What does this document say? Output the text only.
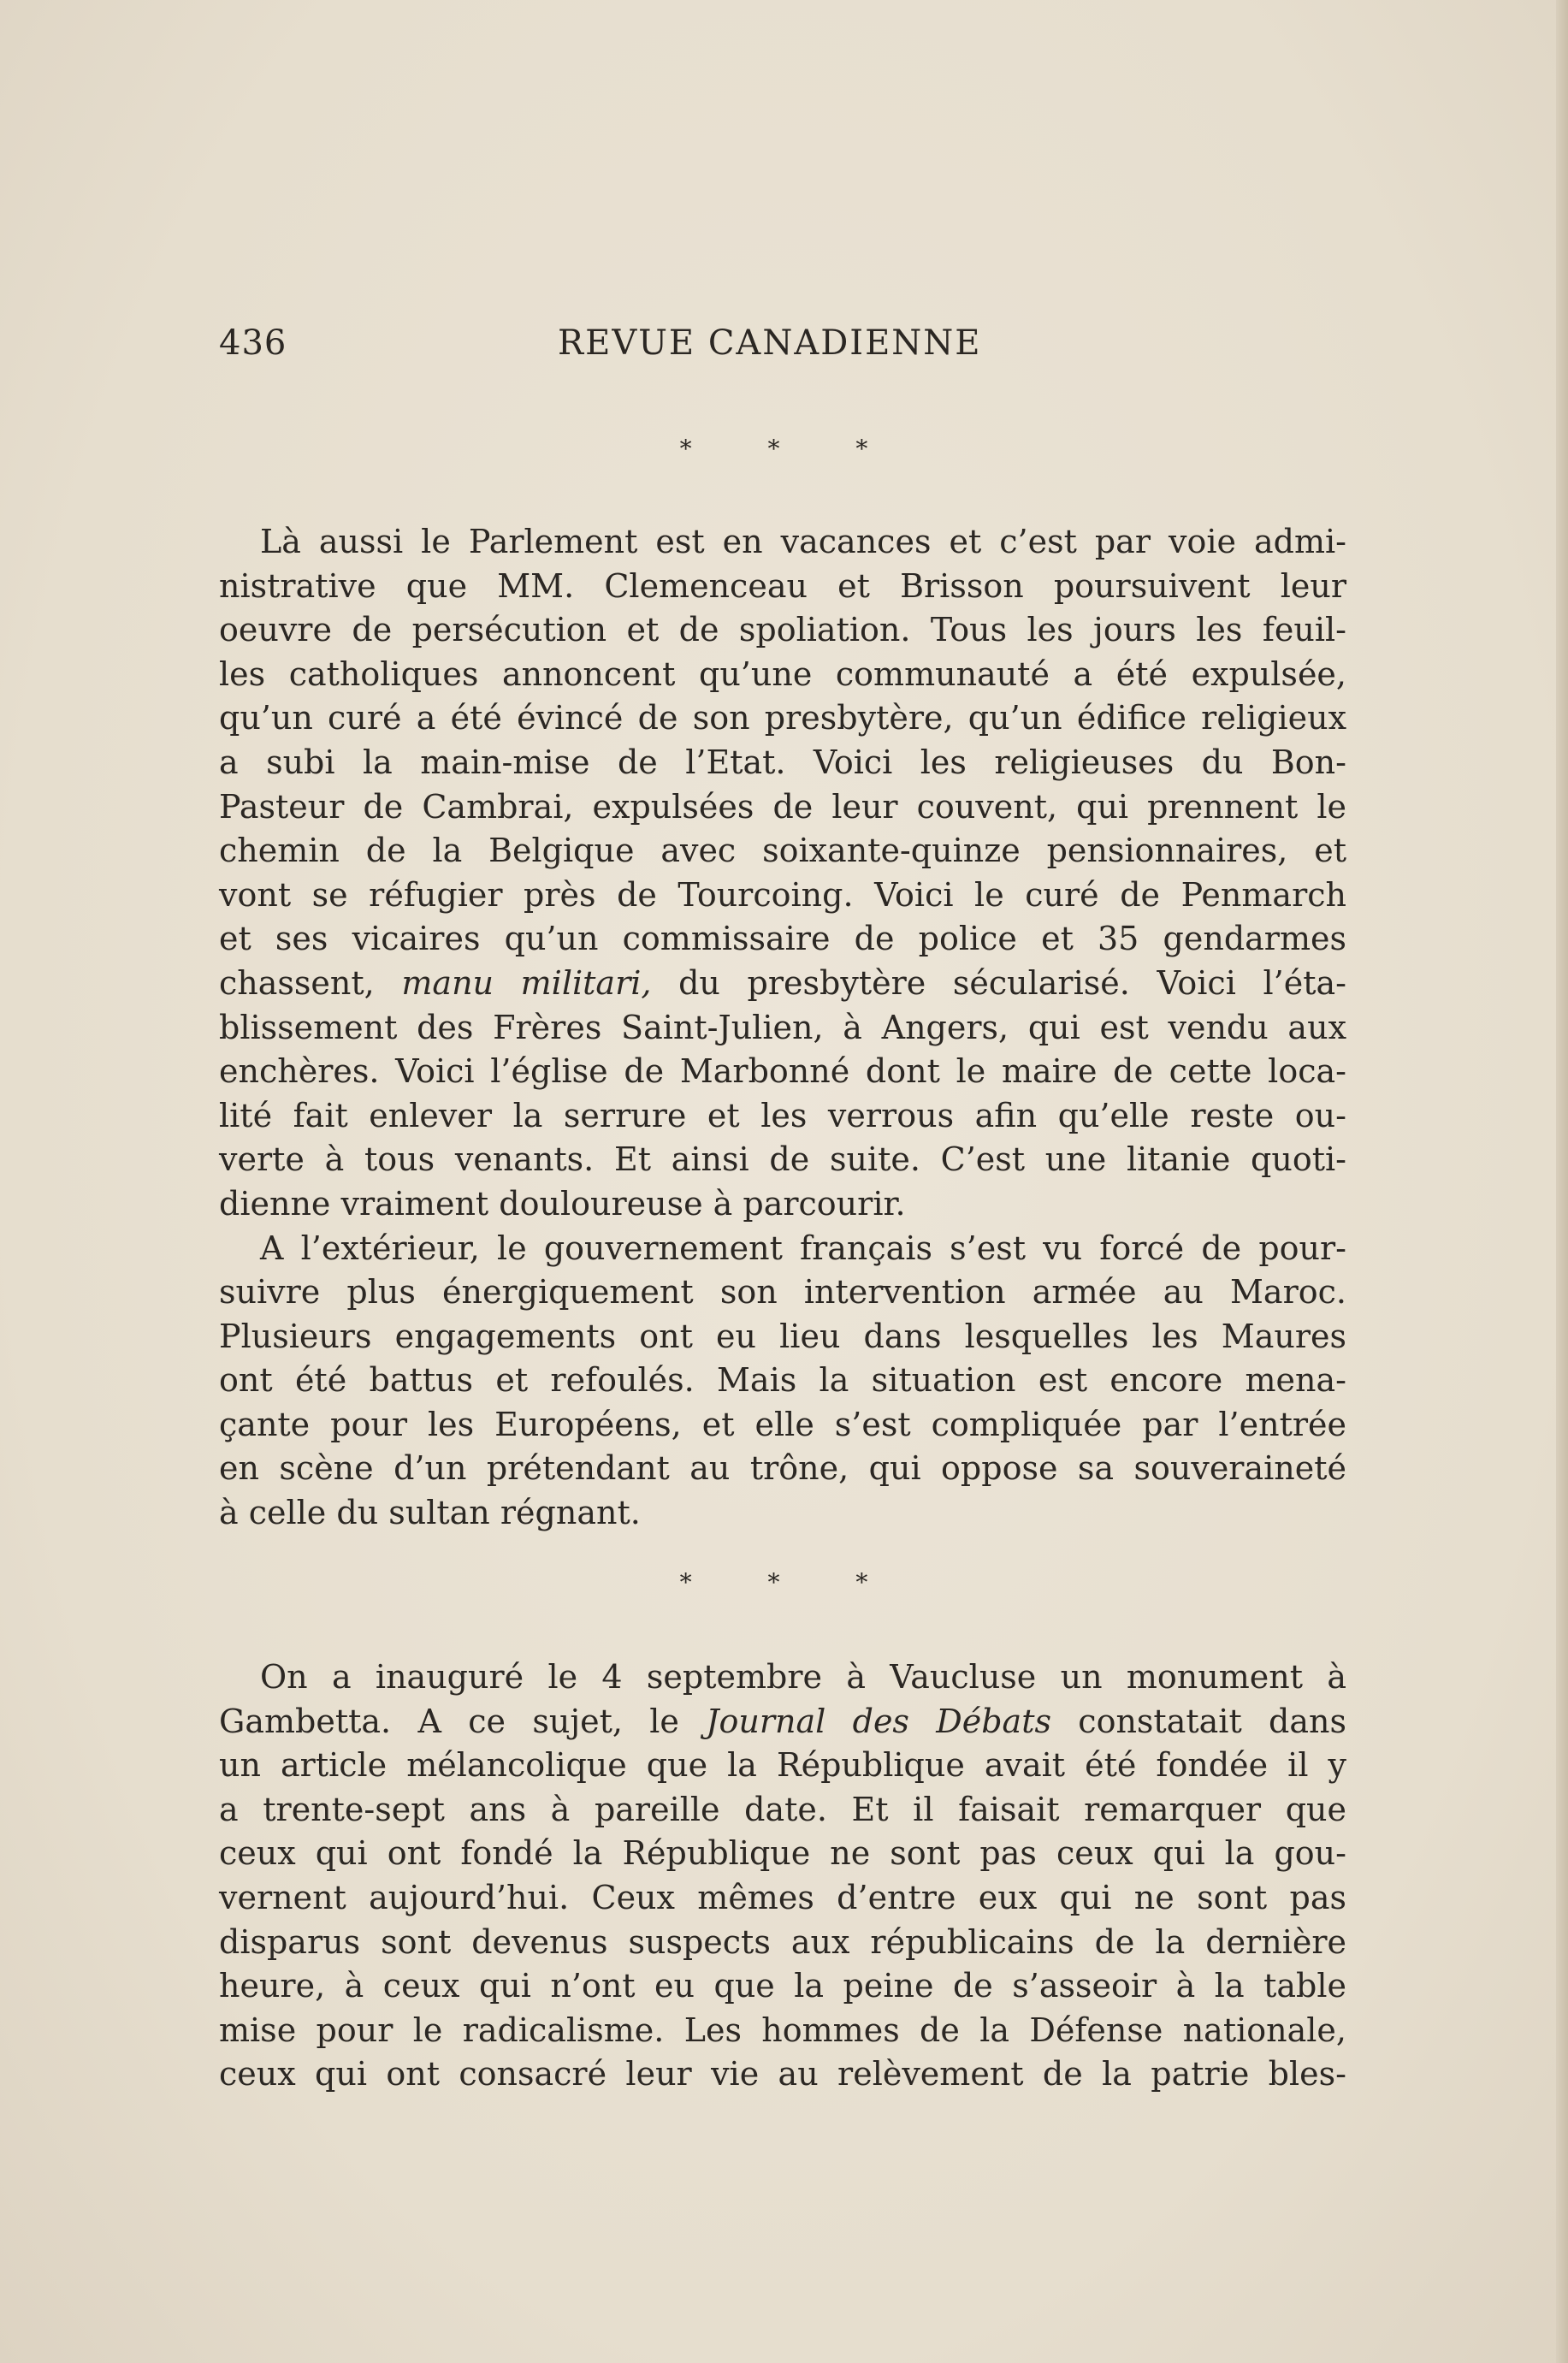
436	REVUE CANADIENNE
* * *
Là aussi le Parlement est en vacances et c’est par voie admi-
nistrative que MM. Clemenceau et Brisson poursuivent leur
oeuvre de persécution et de spoliation. Tous les jours les feuil-
les catholiques annoncent qu’une communauté a été expulsée,
qu’un curé a été évincé de son presbytère, qu’un édifice religieux
a subi la main-mise de l’Etat. Voici les religieuses du Bon-
Pasteur de Cambrai, expulsées de leur couvent, qui prennent le
chemin de la Belgique avec soixante-quinze pensionnaires, et
vont se réfugier près de Tourcoing. Voici le curé de Penmarch
et ses vicaires qu’un commissaire de police et 35 gendarmes
chassent, manu militari, du presbytère sécularisé. Voici l’éta-
blissement des Frères Saint-Julien, à Angers, qui est vendu aux
enchères. Voici l’église de Marbonné dont le maire de cette loca-
lité fait enlever la serrure et les verrous afin qu’elle reste ou-
verte à tous venants. Et ainsi de suite. C’est une litanie quoti-
dienne vraiment douloureuse à parcourir.
A l’extérieur, le gouvernement français s’est vu forcé de pour-
suivre plus énergiquement son intervention armée au Maroc.
Plusieurs engagements ont eu lieu dans lesquelles les Maures
ont été battus et refoulés. Mais la situation est encore mena-
çante pour les Européens, et elle s’est compliquée par l’entrée
en scène d’un prétendant au trône, qui oppose sa souveraineté
à celle du sultan régnant.
* * *
On a inauguré le 4 septembre à Vaucluse un monument à
Gambetta. A ce sujet, le Journal des Débats constatait dans
un article mélancolique que la République avait été fondée il y
a trente-sept ans à pareille date. Et il faisait remarquer que
ceux qui ont fondé la République ne sont pas ceux qui la gou-
vernent aujourd’hui. Ceux mêmes d’entre eux qui ne sont pas
disparus sont devenus suspects aux républicains de la dernière
heure, à ceux qui n’ont eu que la peine de s’asseoir à la table
mise pour le radicalisme. Les hommes de la Défense nationale,
ceux qui ont consacré leur vie au relèvement de la patrie bles-
